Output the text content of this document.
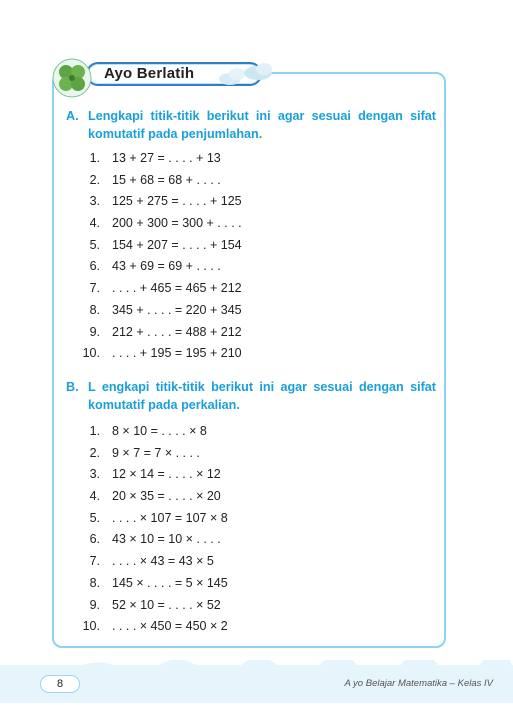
Ayo Berlatih
A. Lengkapi titik-titik berikut ini agar sesuai dengan sifat komutatif pada penjumlahan.
1. 13 + 27 = . . . . + 13
2. 15 + 68 = 68 + . . . .
3. 125 + 275 = . . . . + 125
4. 200 + 300 = 300 + . . . .
5. 154 + 207 = . . . . + 154
6. 43 + 69 = 69 + . . . .
7. . . . . + 465 = 465 + 212
8. 345 + . . . . = 220 + 345
9. 212 + . . . . = 488 + 212
10. . . . . + 195 = 195 + 210
B. L engkapi titik-titik berikut ini agar sesuai dengan sifat komutatif pada perkalian.
1. 8 × 10 = . . . . × 8
2. 9 × 7 = 7 × . . . .
3. 12 × 14 = . . . . × 12
4. 20 × 35 = . . . . × 20
5. . . . . × 107 = 107 × 8
6. 43 × 10 = 10 × . . . .
7. . . . . × 43 = 43 × 5
8. 145 × . . . . = 5 × 145
9. 52 × 10 = . . . . × 52
10. . . . . × 450 = 450 × 2
8	A yo Belajar Matematika – Kelas IV
